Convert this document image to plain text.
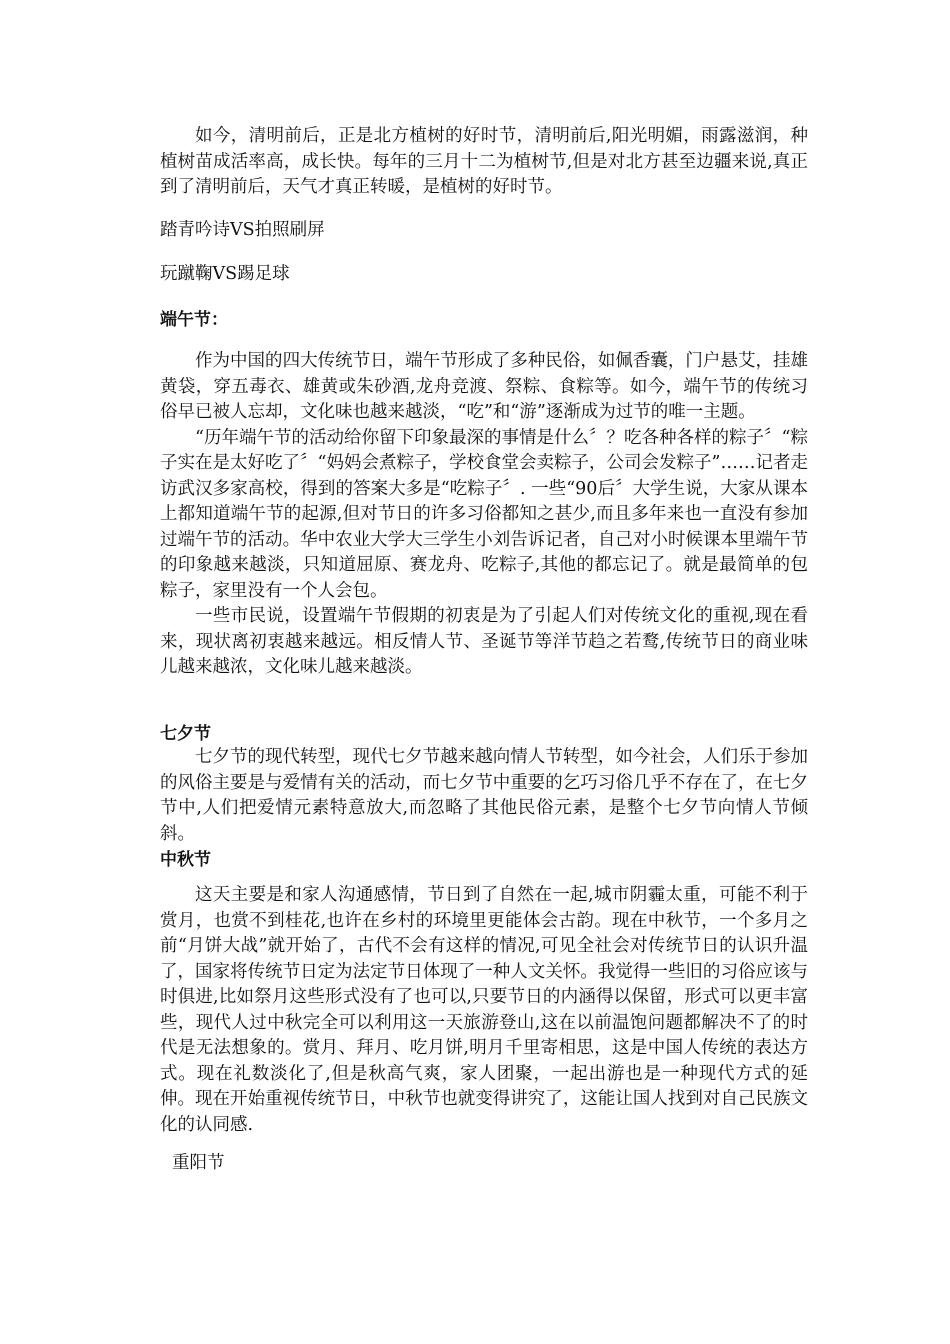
如今，清明前后，正是北方植树的好时节，清明前后,阳光明媚，雨露滋润，种植树苗成活率高，成长快。每年的三月十二为植树节,但是对北方甚至边疆来说,真正到了清明前后，天气才真正转暖，是植树的好时节。

踏青吟诗VS拍照刷屏
玩蹴鞠VS踢足球
端午节：

作为中国的四大传统节日，端午节形成了多种民俗，如佩香囊，门户悬艾，挂雄黄袋，穿五毒衣、雄黄或朱砂酒,龙舟竞渡、祭粽、食粽等。如今，端午节的传统习俗早已被人忘却，文化味也越来越淡，“吃”和“游”逐渐成为过节的唯一主题。

“历年端午节的活动给你留下印象最深的事情是什么〞？吃各种各样的粽子〞“粽子实在是太好吃了〞“妈妈会煮粽子，学校食堂会卖粽子，公司会发粽子”……记者走访武汉多家高校，得到的答案大多是“吃粽子〞. 一些“90后〞大学生说，大家从课本上都知道端午节的起源,但对节日的许多习俗都知之甚少,而且多年来也一直没有参加过端午节的活动。华中农业大学大三学生小刘告诉记者，自己对小时候课本里端午节的印象越来越淡，只知道屈原、赛龙舟、吃粽子,其他的都忘记了。就是最简单的包粽子，家里没有一个人会包。

一些市民说，设置端午节假期的初衷是为了引起人们对传统文化的重视,现在看来，现状离初衷越来越远。相反情人节、圣诞节等洋节趋之若鹜,传统节日的商业味儿越来越浓，文化味儿越来越淡。

七夕节

七夕节的现代转型，现代七夕节越来越向情人节转型，如今社会，人们乐于参加的风俗主要是与爱情有关的活动，而七夕节中重要的乞巧习俗几乎不存在了，在七夕节中,人们把爱情元素特意放大,而忽略了其他民俗元素，是整个七夕节向情人节倾斜。

中秋节

这天主要是和家人沟通感情，节日到了自然在一起,城市阴霾太重，可能不利于赏月，也赏不到桂花,也许在乡村的环境里更能体会古韵。现在中秋节，一个多月之前“月饼大战”就开始了，古代不会有这样的情况,可见全社会对传统节日的认识升温了，国家将传统节日定为法定节日体现了一种人文关怀。我觉得一些旧的习俗应该与时俱进,比如祭月这些形式没有了也可以,只要节日的内涵得以保留，形式可以更丰富些，现代人过中秋完全可以利用这一天旅游登山,这在以前温饱问题都解决不了的时代是无法想象的。赏月、拜月、吃月饼,明月千里寄相思，这是中国人传统的表达方式。现在礼数淡化了,但是秋高气爽，家人团聚，一起出游也是一种现代方式的延伸。现在开始重视传统节日，中秋节也就变得讲究了，这能让国人找到对自己民族文化的认同感.

重阳节
